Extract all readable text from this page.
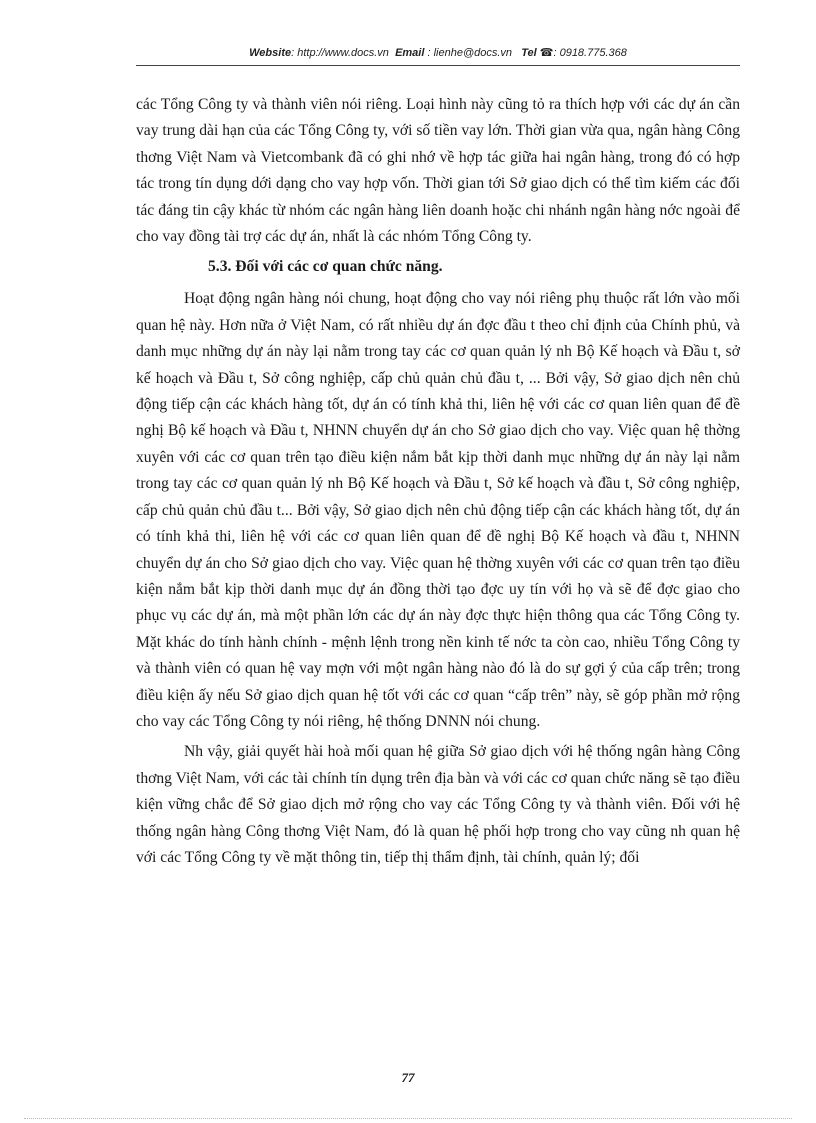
Website: http://www.docs.vn Email : lienhe@docs.vn Tel ☎: 0918.775.368

các Tổng Công ty và thành viên nói riêng. Loại hình này cũng tỏ ra thích hợp với các dự án cần vay trung dài hạn của các Tổng Công ty, với số tiền vay lớn. Thời gian vừa qua, ngân hàng Công thơng Việt Nam và Vietcombank đã có ghi nhớ về hợp tác giữa hai ngân hàng, trong đó có hợp tác trong tín dụng dới dạng cho vay hợp vốn. Thời gian tới Sở giao dịch có thể tìm kiếm các đối tác đáng tin cậy khác từ nhóm các ngân hàng liên doanh hoặc chi nhánh ngân hàng nớc ngoài để cho vay đồng tài trợ các dự án, nhất là các nhóm Tổng Công ty.

5.3. Đối với các cơ quan chức năng.

Hoạt động ngân hàng nói chung, hoạt động cho vay nói riêng phụ thuộc rất lớn vào mối quan hệ này. Hơn nữa ở Việt Nam, có rất nhiều dự án đợc đầu t theo chỉ định của Chính phủ, và danh mục những dự án này lại nằm trong tay các cơ quan quản lý nh Bộ Kế hoạch và Đầu t, sở kế hoạch và Đầu t, Sở công nghiệp, cấp chủ quản chủ đầu t, ... Bởi vậy, Sở giao dịch nên chủ động tiếp cận các khách hàng tốt, dự án có tính khả thi, liên hệ với các cơ quan liên quan để đề nghị Bộ kế hoạch và Đầu t, NHNN chuyển dự án cho Sở giao dịch cho vay. Việc quan hệ thờng xuyên với các cơ quan trên tạo điều kiện nắm bắt kịp thời danh mục những dự án này lại nằm trong tay các cơ quan quản lý nh Bộ Kế hoạch và Đầu t, Sở kế hoạch và đầu t, Sở công nghiệp, cấp chủ quản chủ đầu t... Bởi vậy, Sở giao dịch nên chủ động tiếp cận các khách hàng tốt, dự án có tính khả thi, liên hệ với các cơ quan liên quan để đề nghị Bộ Kế hoạch và đầu t, NHNN chuyển dự án cho Sở giao dịch cho vay. Việc quan hệ thờng xuyên với các cơ quan trên tạo điều kiện nắm bắt kịp thời danh mục dự án đồng thời tạo đợc uy tín với họ và sẽ để đợc giao cho phục vụ các dự án, mà một phần lớn các dự án này đợc thực hiện thông qua các Tổng Công ty. Mặt khác do tính hành chính - mệnh lệnh trong nền kinh tế nớc ta còn cao, nhiều Tổng Công ty và thành viên có quan hệ vay mợn với một ngân hàng nào đó là do sự gợi ý của cấp trên; trong điều kiện ấy nếu Sở giao dịch quan hệ tốt với các cơ quan “cấp trên” này, sẽ góp phần mở rộng cho vay các Tổng Công ty nói riêng, hệ thống DNNN nói chung.

Nh vậy, giải quyết hài hoà mối quan hệ giữa Sở giao dịch với hệ thống ngân hàng Công thơng Việt Nam, với các tài chính tín dụng trên địa bàn và với các cơ quan chức năng sẽ tạo điều kiện vững chắc để Sở giao dịch mở rộng cho vay các Tổng Công ty và thành viên. Đối với hệ thống ngân hàng Công thơng Việt Nam, đó là quan hệ phối hợp trong cho vay cũng nh quan hệ với các Tổng Công ty về mặt thông tin, tiếp thị thẩm định, tài chính, quản lý; đối

77
